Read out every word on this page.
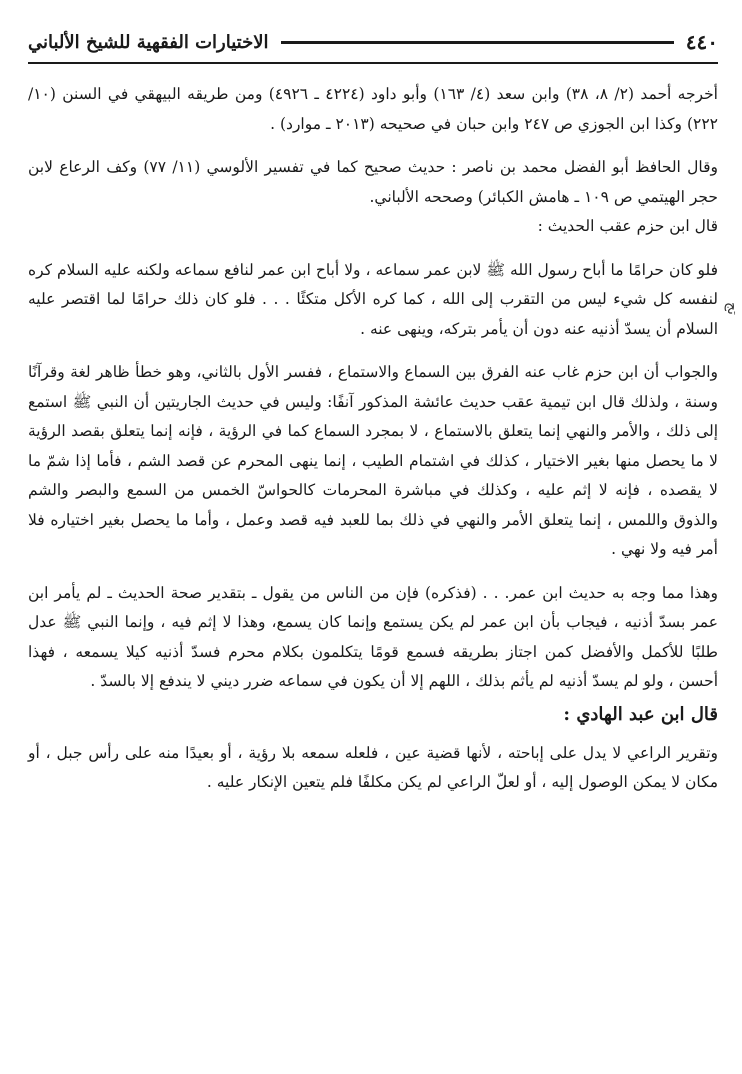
٤٤٠
الاختيارات الفقهية للشيخ الألباني

أخرجه أحمد (٢/ ٨، ٣٨) وابن سعد (٤/ ١٦٣) وأبو داود (٤٢٢٤ ـ ٤٩٢٦) ومن طريقه البيهقي في السنن (١٠/ ٢٢٢) وكذا ابن الجوزي ص ٢٤٧ وابن حبان في صحيحه (٢٠١٣ ـ موارد) .

وقال الحافظ أبو الفضل محمد بن ناصر : حديث صحيح كما في تفسير الألوسي (١١/ ٧٧) وكف الرعاع لابن حجر الهيتمي ص ١٠٩ ـ هامش الكبائر) وصححه الألباني.

قال ابن حزم عقب الحديث :

فلو كان حرامًا ما أباح رسول الله ﷺ لابن عمر سماعه ، ولا أباح ابن عمر لنافع سماعه ولكنه عليه السلام كره لنفسه كل شيء ليس من التقرب إلى الله ، كما كره الأكل متكئًا . . . فلو كان ذلك حرامًا لما اقتصر عليه السلام أن يسدّ أذنيه عنه دون أن يأمر بتركه، وينهى عنه .

والجواب أن ابن حزم غاب عنه الفرق بين السماع والاستماع ، ففسر الأول بالثاني، وهو خطأ ظاهر لغة وقرآنًا وسنة ، ولذلك قال ابن تيمية عقب حديث عائشة المذكور آنفًا: وليس في حديث الجاريتين أن النبي ﷺ استمع إلى ذلك ، والأمر والنهي إنما يتعلق بالاستماع ، لا بمجرد السماع كما في الرؤية ، فإنه إنما يتعلق بقصد الرؤية لا ما يحصل منها بغير الاختيار ، كذلك في اشتمام الطيب ، إنما ينهى المحرم عن قصد الشم ، فأما إذا شمّ ما لا يقصده ، فإنه لا إثم عليه ، وكذلك في مباشرة المحرمات كالحواسّ الخمس من السمع والبصر والشم والذوق واللمس ، إنما يتعلق الأمر والنهي في ذلك بما للعبد فيه قصد وعمل ، وأما ما يحصل بغير اختياره فلا أمر فيه ولا نهي .

وهذا مما وجه به حديث ابن عمر. . . (فذكره) فإن من الناس من يقول ـ بتقدير صحة الحديث ـ لم يأمر ابن عمر بسدّ أذنيه ، فيجاب بأن ابن عمر لم يكن يستمع وإنما كان يسمع، وهذا لا إثم فيه ، وإنما النبي ﷺ عدل طلبًا للأكمل والأفضل كمن اجتاز بطريقه فسمع قومًا يتكلمون بكلام محرم فسدّ أذنيه كيلا يسمعه ، فهذا أحسن ، ولو لم يسدّ أذنيه لم يأثم بذلك ، اللهم إلا أن يكون في سماعه ضرر ديني لا يندفع إلا بالسدّ .

قال ابن عبد الهادي :

وتقرير الراعي لا يدل على إباحته ، لأنها قضية عين ، فلعله سمعه بلا رؤية ، أو بعيدًا منه على رأس جبل ، أو مكان لا يمكن الوصول إليه ، أو لعلّ الراعي لم يكن مكلفًا فلم يتعين الإنكار عليه .

تج
